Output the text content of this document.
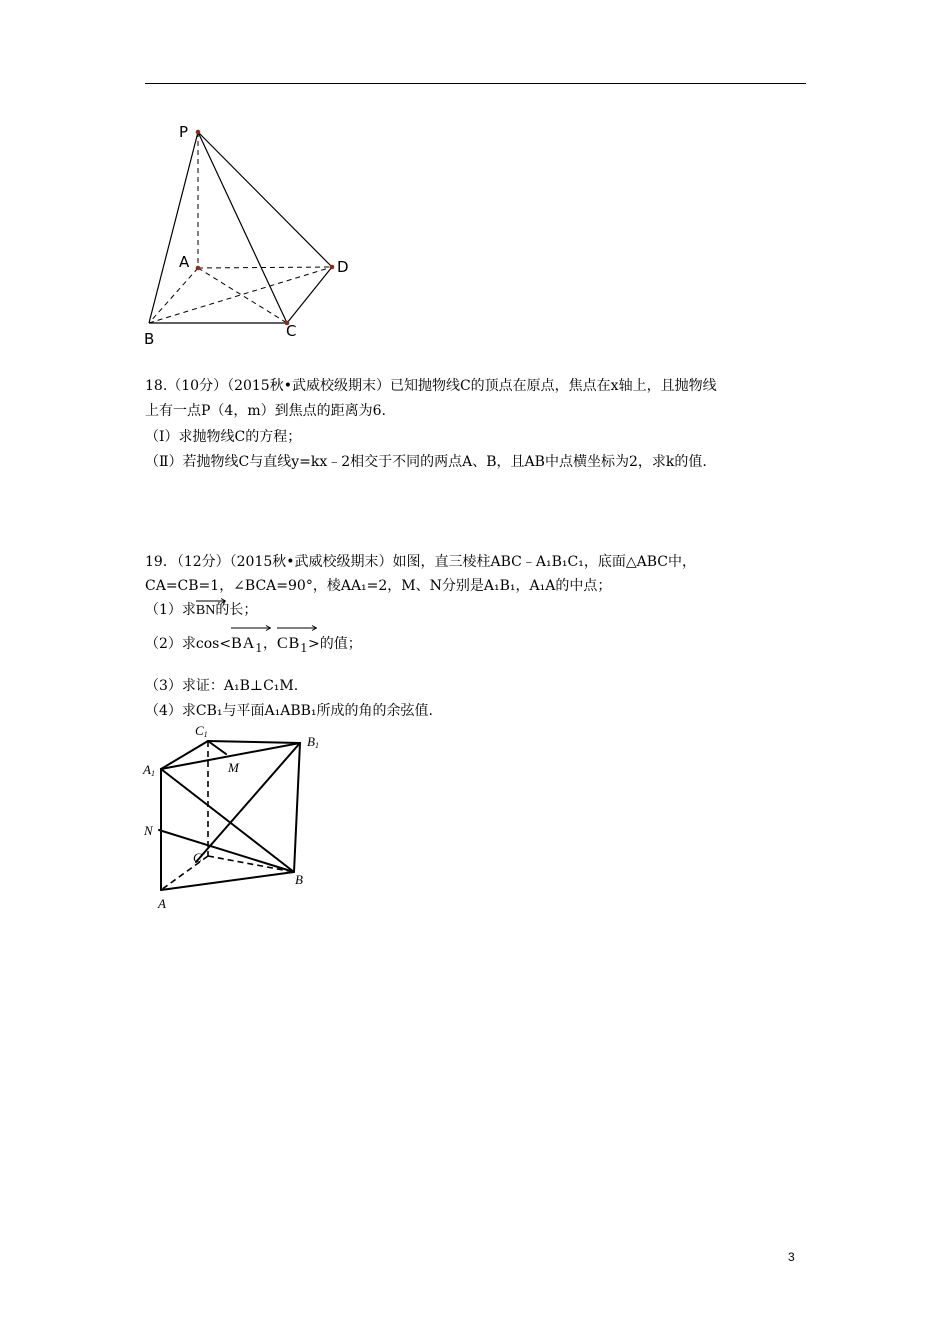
P
A	D
B	C
18.（10分）（2015秋•武威校级期末）已知抛物线C的顶点在原点，焦点在x轴上，且抛物线
上有一点P（4，m）到焦点的距离为6.
（Ⅰ）求抛物线C的方程；
（Ⅱ）若抛物线C与直线y=kx﹣2相交于不同的两点A、B，且AB中点横坐标为2，求k的值.
19．（12分）（2015秋•武威校级期末）如图，直三棱柱ABC﹣A₁B₁C₁，底面△ABC中，
CA=CB=1，∠BCA=90°，棱AA₁=2，M、N分别是A₁B₁，A₁A的中点；
（1）求
BN的长；
（2）求cos<
$BA_1$，
$CB_1>$的值；
（3）求证：A₁B⊥C₁M.
（4）求CB₁与平面A₁ABB₁所成的角的余弦值.
C1	B1
A1	M
N
C
B
A
3
